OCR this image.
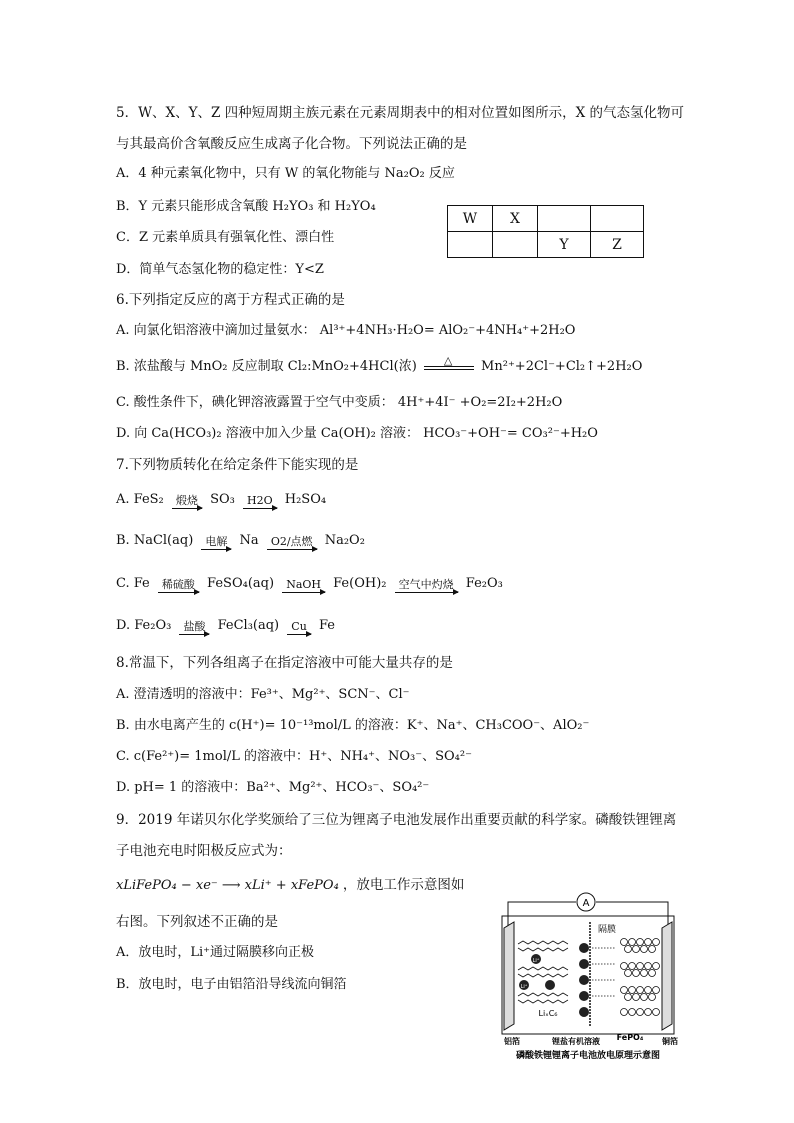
5．W、X、Y、Z 四种短周期主族元素在元素周期表中的相对位置如图所示，X 的气态氢化物可
与其最高价含氧酸反应生成离子化合物。下列说法正确的是
A．4 种元素氧化物中，只有 W 的氧化物能与 Na₂O₂ 反应
B．Y 元素只能形成含氧酸 H₂YO₃ 和 H₂YO₄
C．Z 元素单质具有强氧化性、漂白性
D．简单气态氢化物的稳定性：Y<Z
W	X		
		Y	Z
6.下列指定反应的离于方程式正确的是
A. 向氯化铝溶液中滴加过量氨水： Al³⁺+4NH₃·H₂O= AlO₂⁻+4NH₄⁺+2H₂O
B. 浓盐酸与 MnO₂ 反应制取 Cl₂:MnO₂+4HCl(浓) △ Mn²⁺+2Cl⁻+Cl₂↑+2H₂O
C. 酸性条件下，碘化钾溶液露置于空气中变质： 4H⁺+4I⁻ +O₂=2I₂+2H₂O
D. 向 Ca(HCO₃)₂ 溶液中加入少量 Ca(OH)₂ 溶液： HCO₃⁻+OH⁻= CO₃²⁻+H₂O
7.下列物质转化在给定条件下能实现的是
A. FeS₂	煅烧 SO₃	H2O H₂SO₄
B. NaCl(aq)	电解 Na	O2/点燃 Na₂O₂
C. Fe	稀硫酸 FeSO₄(aq)	NaOH Fe(OH)₂	空气中灼烧 Fe₂O₃
D. Fe₂O₃	盐酸 FeCl₃(aq)	Cu Fe
8.常温下，下列各组离子在指定溶液中可能大量共存的是
A. 澄清透明的溶液中：Fe³⁺、Mg²⁺、SCN⁻、Cl⁻
B. 由水电离产生的 c(H⁺)= 10⁻¹³mol/L 的溶液：K⁺、Na⁺、CH₃COO⁻、AlO₂⁻
C. c(Fe²⁺)= 1mol/L 的溶液中：H⁺、NH₄⁺、NO₃⁻、SO₄²⁻
D. pH= 1 的溶液中：Ba²⁺、Mg²⁺、HCO₃⁻、SO₄²⁻
9．2019 年诺贝尔化学奖颁给了三位为锂离子电池发展作出重要贡献的科学家。磷酸铁锂锂离
子电池充电时阳极反应式为：
xLiFePO₄ − xe⁻ ⟶ xLi⁺ + xFePO₄ ，放电工作示意图如
右图。下列叙述不正确的是
A．放电时，Li⁺通过隔膜移向正极
B．放电时，电子由铝箔沿导线流向铜箔
A
隔膜
Li⁺
Li⁺
LiₓC₆
铝箔	锂盐有机溶液 FePO₄ 铜箔
磷酸铁锂锂离子电池放电原理示意图
